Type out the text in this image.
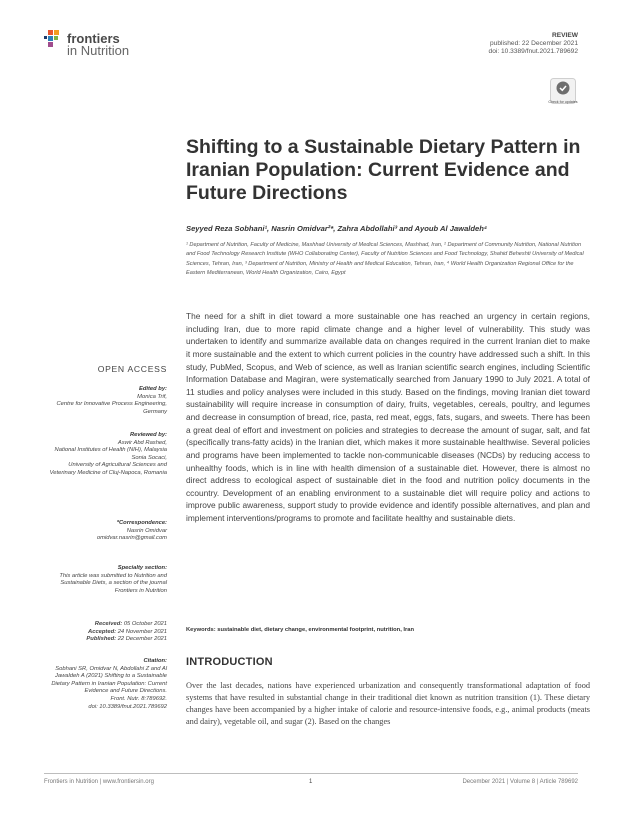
frontiers
in Nutrition
REVIEW
published: 22 December 2021
doi: 10.3389/fnut.2021.789692
Check for updates
Shifting to a Sustainable Dietary Pattern in Iranian Population: Current Evidence and Future Directions
Seyyed Reza Sobhani¹, Nasrin Omidvar²*, Zahra Abdollahi³ and Ayoub Al Jawaldeh⁴
¹ Department of Nutrition, Faculty of Medicine, Mashhad University of Medical Sciences, Mashhad, Iran, ² Department of Community Nutrition, National Nutrition and Food Technology Research Institute (WHO Collaborating Center), Faculty of Nutrition Sciences and Food Technology, Shahid Beheshti University of Medical Sciences, Tehran, Iran, ³ Department of Nutrition, Ministry of Health and Medical Education, Tehran, Iran, ⁴ World Health Organization Regional Office for the Eastern Mediterranean, World Health Organization, Cairo, Egypt
The need for a shift in diet toward a more sustainable one has reached an urgency in certain regions, including Iran, due to more rapid climate change and a higher level of vulnerability. This study was undertaken to identify and summarize available data on changes required in the current Iranian diet to make it more sustainable and the extent to which current policies in the country have addressed such a shift. In this study, PubMed, Scopus, and Web of science, as well as Iranian scientific search engines, including Scientific Information Database and Magiran, were systematically searched from January 1990 to July 2021. A total of 11 studies and policy analyses were included in this study. Based on the findings, moving Iranian diet toward sustainability will require increase in consumption of dairy, fruits, vegetables, cereals, poultry, and legumes and decrease in consumption of bread, rice, pasta, red meat, eggs, fats, sugars, and sweets. There has been a great deal of effort and investment on policies and strategies to decrease the amount of sugar, salt, and fat (specifically trans-fatty acids) in the Iranian diet, which makes it more sustainable healthwise. Several policies and programs have been implemented to tackle non-communicable diseases (NCDs) by reducing access to unhealthy foods, which is in line with health dimension of a sustainable diet. However, there is almost no direct address to ecological aspect of sustainable diet in the food and nutrition policy documents in the ccountry. Development of an enabling environment to a sustainable diet will require policy and actions to improve public awareness, support study to provide evidence and identify possible alternatives, and plan and implement interventions/programs to promote and facilitate healthy and sustainable diets.
Keywords: sustainable diet, dietary change, environmental footprint, nutrition, Iran
INTRODUCTION
Over the last decades, nations have experienced urbanization and consequently transformational adaptation of food systems that have resulted in substantial change in their traditional diet known as nutrition transition (1). These dietary changes have been accompanied by a higher intake of calorie and resource-intensive foods, e.g., animal products (meats and dairy), vegetable oil, and sugar (2). Based on the changes
OPEN ACCESS
Edited by:
Monica Trif,
Centre for Innovative Process Engineering, Germany
Reviewed by:
Aswir Abd Rashed,
National Institutes of Health (NIH), Malaysia
Sonia Socaci,
University of Agricultural Sciences and Veterinary Medicine of Cluj-Napoca, Romania
*Correspondence:
Nasrin Omidvar
omidvar.nasrin@gmail.com
Specialty section:
This article was submitted to Nutrition and Sustainable Diets, a section of the journal Frontiers in Nutrition
Received: 05 October 2021
Accepted: 24 November 2021
Published: 22 December 2021
Citation:
Sobhani SR, Omidvar N, Abdollahi Z and Al Jawaldeh A (2021) Shifting to a Sustainable Dietary Pattern in Iranian Population: Current Evidence and Future Directions.
Front. Nutr. 8:789692.
doi: 10.3389/fnut.2021.789692
Frontiers in Nutrition | www.frontiersin.org	1	December 2021 | Volume 8 | Article 789692
